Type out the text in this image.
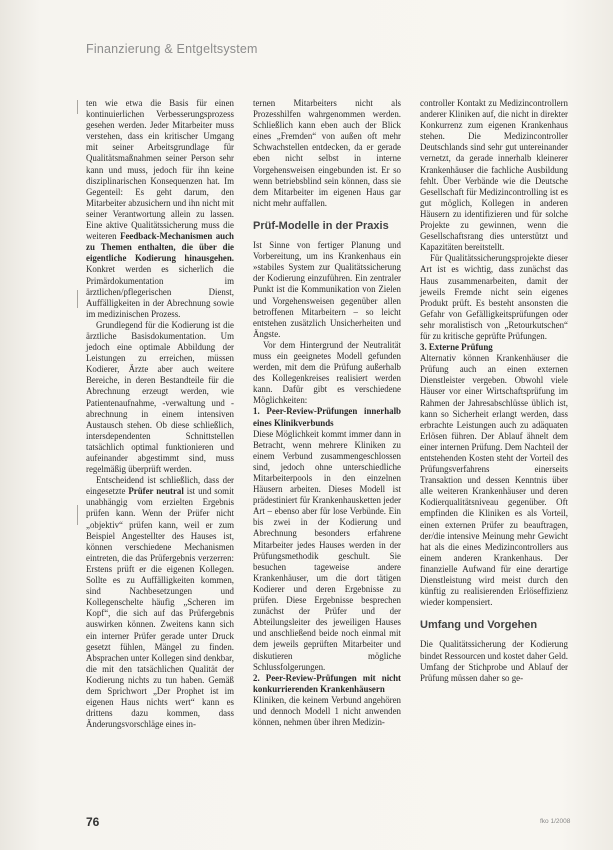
Finanzierung & Entgeltsystem

ten wie etwa die Basis für einen kontinuierlichen Verbesserungsprozess gesehen werden. Jeder Mitarbeiter muss verstehen, dass ein kritischer Umgang mit seiner Arbeitsgrundlage für Qualitätsmaßnahmen seiner Person sehr kann und muss, jedoch für ihn keine disziplinarischen Konsequenzen hat. Im Gegenteil: Es geht darum, den Mitarbeiter abzusichern und ihn nicht mit seiner Verantwortung allein zu lassen. Eine aktive Qualitätssicherung muss die weiteren Feedback-Mechanismen auch zu Themen enthalten, die über die eigentliche Kodierung hinausgehen. Konkret werden es sicherlich die Primärdokumentation im ärztlichen/pflegerischen Dienst, Auffälligkeiten in der Abrechnung sowie im medizinischen Prozess.

Grundlegend für die Kodierung ist die ärztliche Basisdokumentation. Um jedoch eine optimale Abbildung der Leistungen zu erreichen, müssen Kodierer, Ärzte aber auch weitere Bereiche, in deren Bestandteile für die Abrechnung erzeugt werden, wie Patientenaufnahme, -verwaltung und -abrechnung in einem intensiven Austausch stehen. Ob diese schließlich, intersdependenten Schnittstellen tatsächlich optimal funktionieren und aufeinander abgestimmt sind, muss regelmäßig überprüft werden.

Entscheidend ist schließlich, dass der eingesetzte Prüfer neutral ist und somit unabhängig vom erzielten Ergebnis prüfen kann. Wenn der Prüfer nicht „objektiv“ prüfen kann, weil er zum Beispiel Angestellter des Hauses ist, können verschiedene Mechanismen eintreten, die das Prüfergebnis verzerren: Erstens prüft er die eigenen Kollegen. Sollte es zu Auffälligkeiten kommen, sind Nachbesetzungen und Kollegenschelte häufig „Scheren im Kopf“, die sich auf das Prüfergebnis auswirken können. Zweitens kann sich ein interner Prüfer gerade unter Druck gesetzt fühlen, Mängel zu finden. Absprachen unter Kollegen sind denkbar, die mit den tatsächlichen Qualität der Kodierung nichts zu tun haben. Gemäß dem Sprichwort „Der Prophet ist im eigenen Haus nichts wert“ kann es drittens dazu kommen, dass Änderungsvorschläge eines in-

ternen Mitarbeiters nicht als Prozesshilfen wahrgenommen werden. Schließlich kann eben auch der Blick eines „Fremden“ von außen oft mehr Schwachstellen entdecken, da er gerade eben nicht selbst in interne Vorgehensweisen eingebunden ist. Er so wenn betriebsblind sein können, dass sie dem Mitarbeiter im eigenen Haus gar nicht mehr auffallen.

Prüf-Modelle in der Praxis

Ist Sinne von fertiger Planung und Vorbereitung, um ins Krankenhaus ein »stabiles System zur Qualitätssicherung der Kodierung einzuführen. Ein zentraler Punkt ist die Kommunikation von Zielen und Vorgehensweisen gegenüber allen betroffenen Mitarbeitern – so leicht entstehen zusätzlich Unsicherheiten und Ängste.

Vor dem Hintergrund der Neutralität muss ein geeignetes Modell gefunden werden, mit dem die Prüfung außerhalb des Kollegenkreises realisiert werden kann. Dafür gibt es verschiedene Möglichkeiten:

1. Peer-Review-Prüfungen innerhalb eines Klinikverbunds

Diese Möglichkeit kommt immer dann in Betracht, wenn mehrere Kliniken zu einem Verbund zusammengeschlossen sind, jedoch ohne unterschiedliche Mitarbeiterpools in den einzelnen Häusern arbeiten. Dieses Modell ist prädestiniert für Krankenhausketten jeder Art – ebenso aber für lose Verbünde. Ein bis zwei in der Kodierung und Abrechnung besonders erfahrene Mitarbeiter jedes Hauses werden in der Prüfungsmethodik geschult. Sie besuchen tageweise andere Krankenhäuser, um die dort tätigen Kodierer und deren Ergebnisse zu prüfen. Diese Ergebnisse besprechen zunächst der Prüfer und der Abteilungsleiter des jeweiligen Hauses und anschließend beide noch einmal mit dem jeweils geprüften Mitarbeiter und diskutieren mögliche Schlussfolgerungen.

2. Peer-Review-Prüfungen mit nicht konkurrierenden Krankenhäusern

Kliniken, die keinem Verbund angehören und dennoch Modell 1 nicht anwenden können, nehmen über ihren Medizin-

controller Kontakt zu Medizincontrollern anderer Kliniken auf, die nicht in direkter Konkurrenz zum eigenen Krankenhaus stehen. Die Medizincontroller Deutschlands sind sehr gut untereinander vernetzt, da gerade innerhalb kleinerer Krankenhäuser die fachliche Ausbildung fehlt. Über Verbände wie die Deutsche Gesellschaft für Medizincontrolling ist es gut möglich, Kollegen in anderen Häusern zu identifizieren und für solche Projekte zu gewinnen, wenn die Gesellschaftsrang dies unterstützt und Kapazitäten bereitstellt.

Für Qualitätssicherungsprojekte dieser Art ist es wichtig, dass zunächst das Haus zusammenarbeiten, damit der jeweils Fremde nicht sein eigenes Produkt prüft. Es besteht ansonsten die Gefahr von Gefälligkeitsprüfungen oder sehr moralistisch von „Retourkutschen“ für zu kritische geprüfte Prüfungen.

3. Externe Prüfung

Alternativ können Krankenhäuser die Prüfung auch an einen externen Dienstleister vergeben. Obwohl viele Häuser vor einer Wirtschaftsprüfung im Rahmen der Jahresabschlüsse üblich ist, kann so Sicherheit erlangt werden, dass erbrachte Leistungen auch zu adäquaten Erlösen führen. Der Ablauf ähnelt dem einer internen Prüfung. Dem Nachteil der entstehenden Kosten steht der Vorteil des Prüfungsverfahrens einerseits Transaktion und dessen Kenntnis über alle weiteren Krankenhäuser und deren Kodierqualitätsniveau gegenüber. Oft empfinden die Kliniken es als Vorteil, einen externen Prüfer zu beauftragen, der/die intensive Meinung mehr Gewicht hat als die eines Medizincontrollers aus einem anderen Krankenhaus. Der finanzielle Aufwand für eine derartige Dienstleistung wird meist durch den künftig zu realisierenden Erlöseffizienz wieder kompensiert.

Umfang und Vorgehen

Die Qualitätssicherung der Kodierung bindet Ressourcen und kostet daher Geld. Umfang der Stichprobe und Ablauf der Prüfung müssen daher so ge-

76	fko 1/2008
